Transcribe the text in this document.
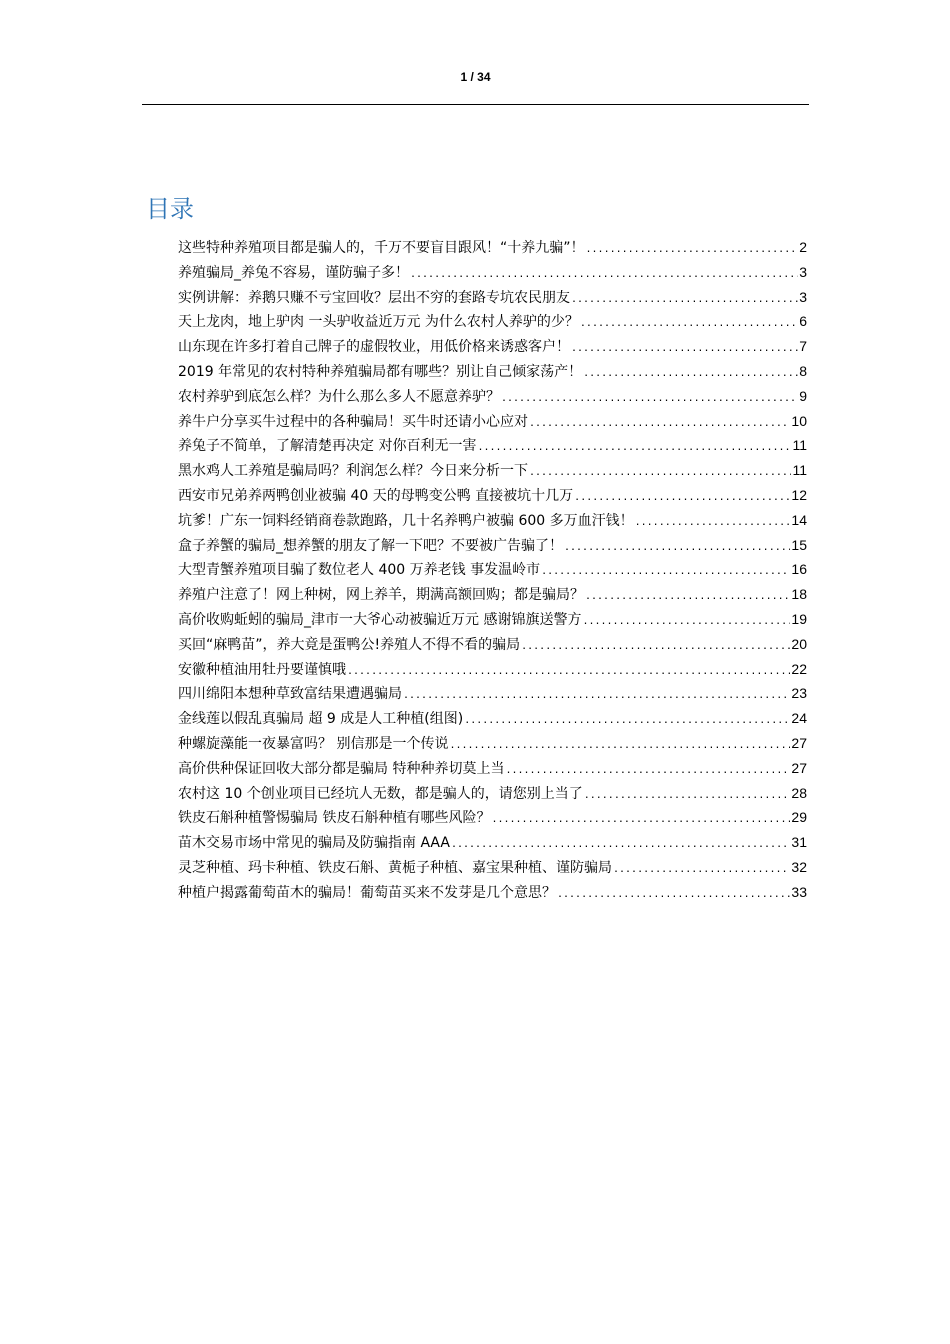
1 / 34
目录
这些特种养殖项目都是骗人的，千万不要盲目跟风！“十养九骗”！ .....	2
养殖骗局_养兔不容易，谨防骗子多！ .....	3
实例讲解：养鹅只赚不亏宝回收？层出不穷的套路专坑农民朋友 .....	3
天上龙肉，地上驴肉 一头驴收益近万元 为什么农村人养驴的少？ .....	6
山东现在许多打着自己牌子的虚假牧业，用低价格来诱惑客户！ .....	7
2019 年常见的农村特种养殖骗局都有哪些？别让自己倾家荡产！ .....	8
农村养驴到底怎么样？为什么那么多人不愿意养驴？ .....	9
养牛户分享买牛过程中的各种骗局！买牛时还请小心应对 .....	10
养兔子不简单，了解清楚再决定 对你百利无一害 .....	11
黑水鸡人工养殖是骗局吗？利润怎么样？今日来分析一下 .....	11
西安市兄弟养两鸭创业被骗 40 天的母鸭变公鸭 直接被坑十几万 .....	12
坑爹！广东一饲料经销商卷款跑路，几十名养鸭户被骗 600 多万血汗钱！ .....	14
盒子养蟹的骗局_想养蟹的朋友了解一下吧？不要被广告骗了！ .....	15
大型青蟹养殖项目骗了数位老人 400 万养老钱 事发温岭市 .....	16
养殖户注意了！网上种树，网上养羊，期满高额回购；都是骗局？ .....	18
高价收购蚯蚓的骗局_津市一大爷心动被骗近万元 感谢锦旗送警方 .....	19
买回“麻鸭苗”，养大竟是蛋鸭公!养殖人不得不看的骗局 .....	20
安徽种植油用牡丹要谨慎哦 .....	22
四川绵阳本想种草致富结果遭遇骗局 .....	23
金线莲以假乱真骗局 超 9 成是人工种植(组图) .....	24
种螺旋藻能一夜暴富吗？ 别信那是一个传说 .....	27
高价供种保证回收大部分都是骗局 特种种养切莫上当 .....	27
农村这 10 个创业项目已经坑人无数，都是骗人的，请您别上当了 .....	28
铁皮石斛种植警惕骗局 铁皮石斛种植有哪些风险？ .....	29
苗木交易市场中常见的骗局及防骗指南 AAA .....	31
灵芝种植、玛卡种植、铁皮石斛、黄栀子种植、嘉宝果种植、谨防骗局 .....	32
种植户揭露葡萄苗木的骗局！葡萄苗买来不发芽是几个意思？ .....	33
